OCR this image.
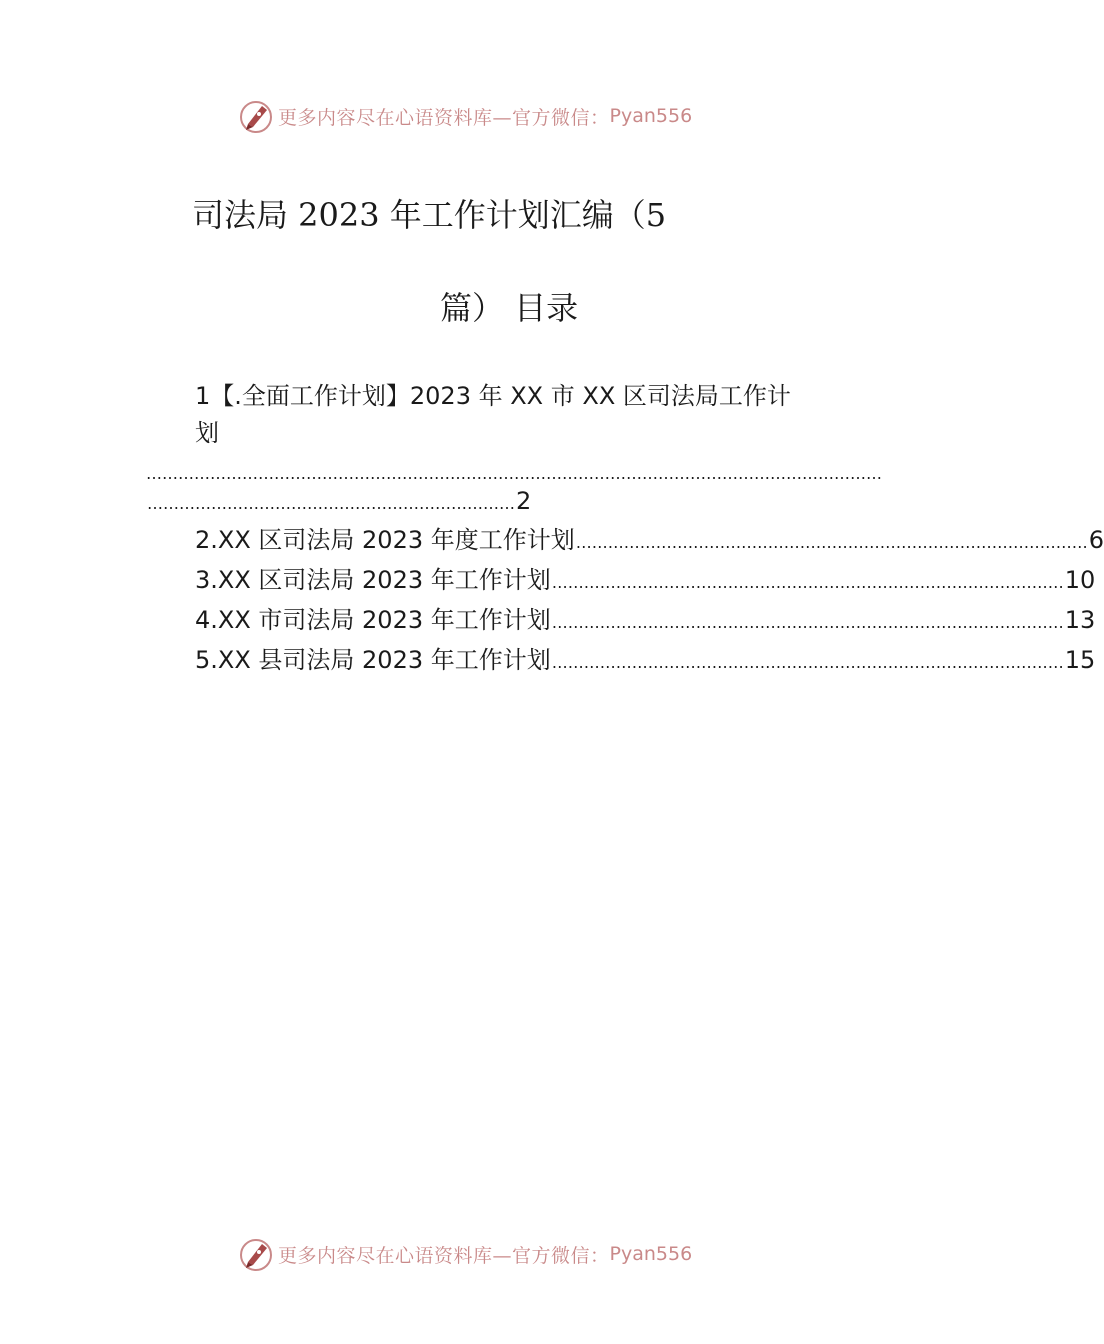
更多内容尽在心语资料库—官方微信： Pyan556
司法局 2023 年工作计划汇编（5
篇） 目录
1【.全面工作计划】2023 年 XX 市 XX 区司法局工作计
划
…………………………………………………………………………………………………………………………
…………………………………………………………… 2
2.XX 区司法局 2023 年度工作计划 …………………………………………………………………………………… 6
3.XX 区司法局 2023 年工作计划 …………………………………………………………………………………… 10
4.XX 市司法局 2023 年工作计划 …………………………………………………………………………………… 13
5.XX 县司法局 2023 年工作计划 …………………………………………………………………………………… 15
更多内容尽在心语资料库—官方微信： Pyan556
